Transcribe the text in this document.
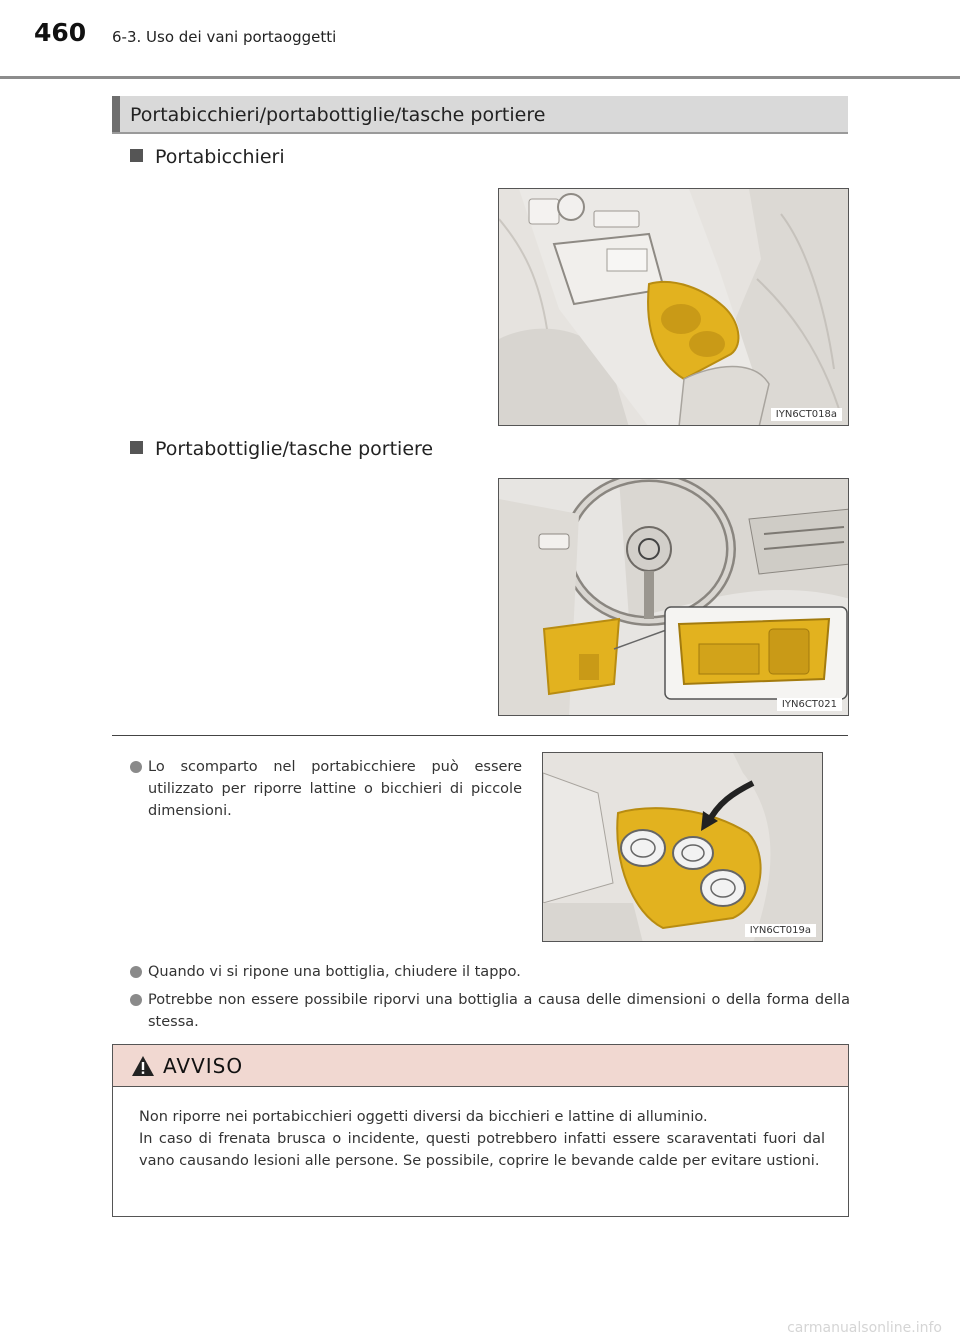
460 6-3. Uso dei vani portaoggetti
Portabicchieri/portabottiglie/tasche portiere
Portabicchieri
IYN6CT018a
Portabottiglie/tasche portiere
IYN6CT021
Lo scomparto nel portabicchiere può essere utilizzato per riporre lattine o bicchieri di piccole dimensioni.
IYN6CT019a
Quando vi si ripone una bottiglia, chiudere il tappo.
Potrebbe non essere possibile riporvi una bottiglia a causa delle dimensioni o della forma della stessa.
AVVISO

Non riporre nei portabicchieri oggetti diversi da bicchieri e lattine di alluminio.

In caso di frenata brusca o incidente, questi potrebbero infatti essere scaraventati fuori dal vano causando lesioni alle persone. Se possibile, coprire le bevande calde per evitare ustioni.

carmanualsonline.info
